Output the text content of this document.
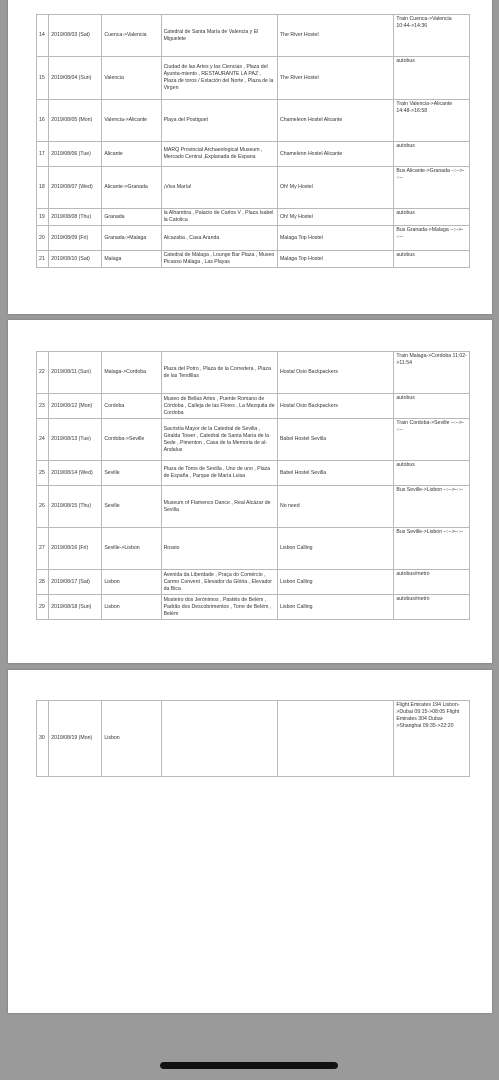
14	2019/08/03 (Sat)	Cuenca->Valencia	Catedral de Santa María de Valencia y El Miguelete	The River Hostel	Train Cuenca->Valencia 10:44->14:36
15	2019/08/04 (Sun)	Valencia	Ciudad de las Artes y las Ciencias , Plaza del Ayunta-miento , RESTAURANTE LA PAZ , Plaza de toros / Estación del Norte , Plaza de la Virgen	The River Hostel	autobus
16	2019/08/05 (Mon)	Valencia->Alicante	Playa del Postiguet	Chameleon Hostel Alicante	Train Valencia->Alicante 14:48->16:58
17	2019/08/06 (Tue)	Alicante	MARQ Provincial Archaeological Museum , Mercado Central ,Explanada de Espana	Chameleon Hostel Alicante	autobus
18	2019/08/07 (Wed)	Alicante->Granada	¡Viva María!	Oh! My Hostel	Bus Alicante->Granada --:-->--:--
19	2019/08/08 (Thu)	Granada	la Alhambra , Palacio de Carlos V , Plaza Isabel la Catolica	Oh! My Hostel	autobus
20	2019/08/09 (Fri)	Granada->Malaga	Alcazaba , Casa Aranda	Malaga Top Hostel	Bus Granada->Malaga --:-->--:--
21	2019/08/10 (Sat)	Malaga	Catedral de Málaga , Lounge Bar Plaza , Museo Picasso Málaga , Las Playas	Malaga Top Hostel	autobus
22	2019/08/11 (Sun)	Malaga->Cordoba	Plaza del Potro , Plaza de la Corredera , Plaza de las Tendillas	Hostal Osio Backpackers	Train Malaga->Cordoba 11:02->11:54
23	2019/08/12 (Mon)	Cordoba	Museo de Bellas Artes , Puente Romano de Córdoba , Calleja de las Flores , La Mezquita de Cordoba	Hostal Osio Backpackers	autobus
24	2019/08/13 (Tue)	Cordoba->Seville	Sacristía Mayor de la Catedral de Sevilla , Giralda Tower , Catedral de Santa María de la Sede , Pimenton , Casa de la Memoria de al-Andalus	Babel Hostel Sevilla	Train Cordoba->Seville --:-->--:--
25	2019/08/14 (Wed)	Seville	Plaza de Toros de Sevilla , Uno de uno , Plaza de España , Parque de María Luisa	Babel Hostel Sevilla	autobus
26	2019/08/15 (Thu)	Seville	Museum of Flamenco Dance , Real Alcázar de Sevilla	No need	Bus Seville->Lisbon --:-->--:--
27	2019/08/16 (Fri)	Seville->Lisbon	Rossio	Lisbon Calling	Bus Seville->Lisbon --:-->--:--
28	2019/08/17 (Sat)	Lisbon	Avenida da Liberdade , Praça do Comércio , Carmo Convent , Elevador da Glória , Elevador da Bica	Lisbon Calling	autobus/metro
29	2019/08/18 (Sun)	Lisbon	Mosteiro dos Jerónimos , Pastéis de Belém , Padrão dos Descobrimentos , Torre de Belém , Belém	Lisbon Calling	autobus/metro
30	2019/08/19 (Mon)	Lisbon			Flight Emirates 194 Lisbon->Dubai 09:15->08:05 Flight Emirates 304 Dubai->Shanghai 09:35->22:20
